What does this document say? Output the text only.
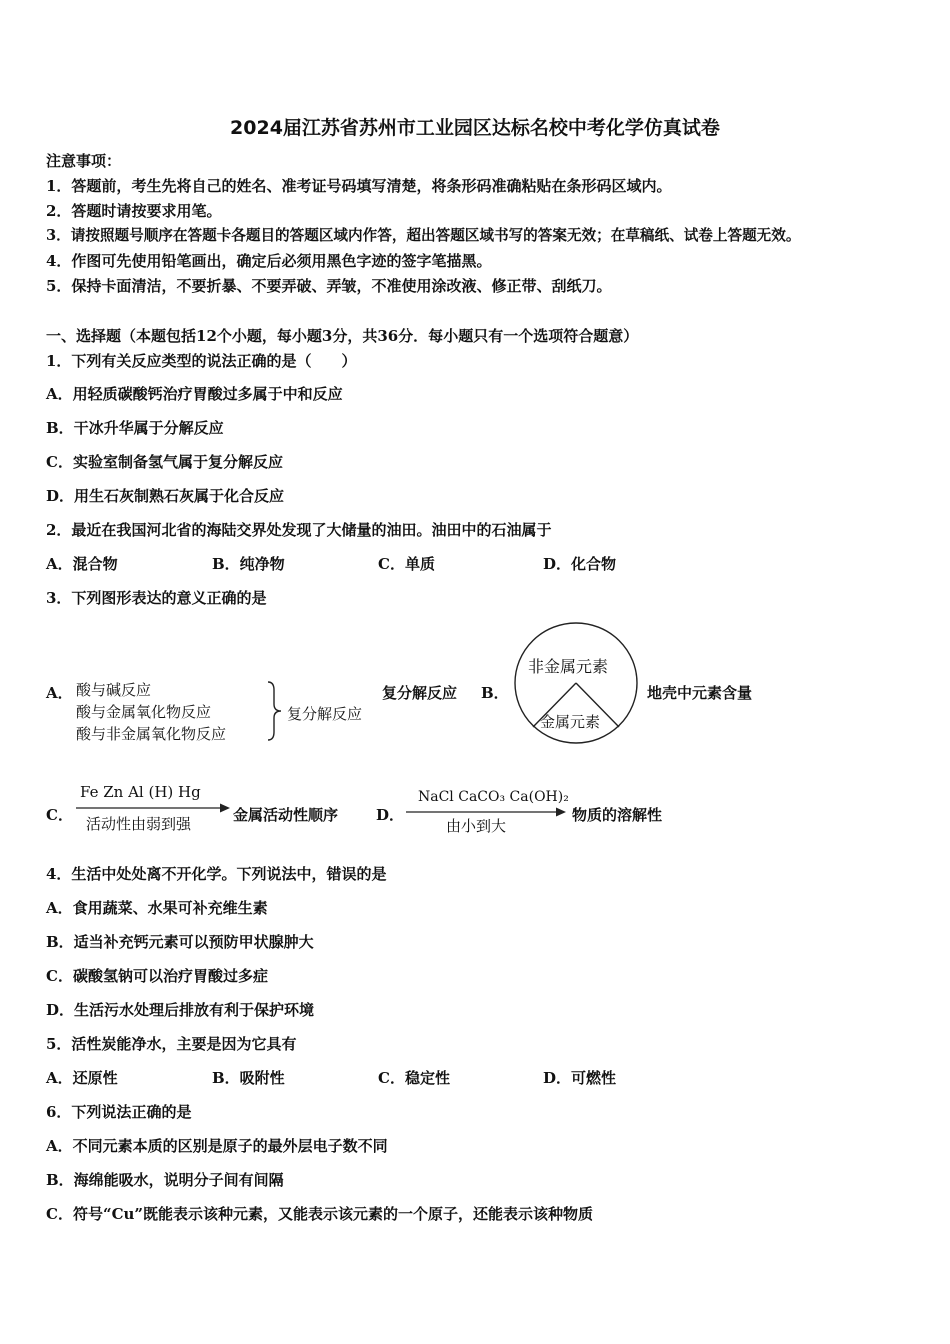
2024届江苏省苏州市工业园区达标名校中考化学仿真试卷
注意事项：
1．答题前，考生先将自己的姓名、准考证号码填写清楚，将条形码准确粘贴在条形码区域内。
2．答题时请按要求用笔。
3．请按照题号顺序在答题卡各题目的答题区域内作答，超出答题区域书写的答案无效；在草稿纸、试卷上答题无效。
4．作图可先使用铅笔画出，确定后必须用黑色字迹的签字笔描黑。
5．保持卡面清洁，不要折暴、不要弄破、弄皱，不准使用涂改液、修正带、刮纸刀。
一、选择题（本题包括12个小题，每小题3分，共36分．每小题只有一个选项符合题意）
1．下列有关反应类型的说法正确的是（　　）
A．用轻质碳酸钙治疗胃酸过多属于中和反应
B．干冰升华属于分解反应
C．实验室制备氢气属于复分解反应
D．用生石灰制熟石灰属于化合反应
2．最近在我国河北省的海陆交界处发现了大储量的油田。油田中的石油属于
A．混合物	B．纯净物	C．单质	D．化合物
3．下列图形表达的意义正确的是
A． 酸与碱反应
酸与金属氧化物反应
酸与非金属氧化物反应
复分解反应
复分解反应 B．
非金属元素
金属元素
地壳中元素含量
C．
Fe Zn Al (H) Hg
活动性由弱到强	金属活动性顺序	D．
NaCl CaCO₃ Ca(OH)₂
由小到大
物质的溶解性
4．生活中处处离不开化学。下列说法中，错误的是
A．食用蔬菜、水果可补充维生素
B．适当补充钙元素可以预防甲状腺肿大
C．碳酸氢钠可以治疗胃酸过多症
D．生活污水处理后排放有利于保护环境
5．活性炭能净水，主要是因为它具有
A．还原性	B．吸附性	C．稳定性	D．可燃性
6．下列说法正确的是
A．不同元素本质的区别是原子的最外层电子数不同
B．海绵能吸水，说明分子间有间隔
C．符号“Cu”既能表示该种元素，又能表示该元素的一个原子，还能表示该种物质
